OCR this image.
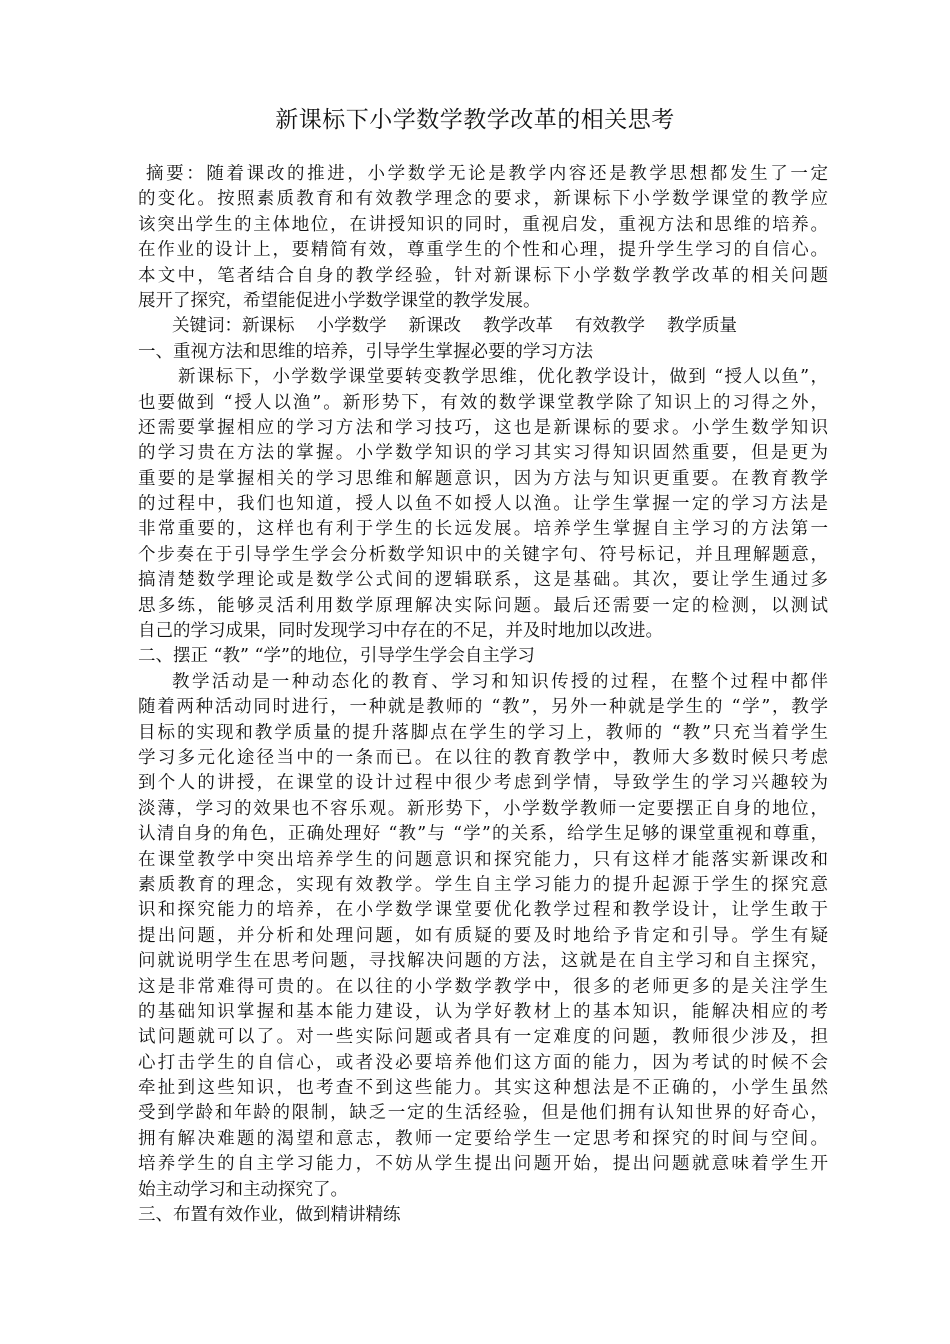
新课标下小学数学教学改革的相关思考
摘要：随着课改的推进，小学数学无论是教学内容还是教学思想都发生了一定
的变化。按照素质教育和有效教学理念的要求，新课标下小学数学课堂的教学应
该突出学生的主体地位，在讲授知识的同时，重视启发，重视方法和思维的培养。
在作业的设计上，要精简有效，尊重学生的个性和心理，提升学生学习的自信心。
本文中，笔者结合自身的教学经验，针对新课标下小学数学教学改革的相关问题
展开了探究，希望能促进小学数学课堂的教学发展。
关键词：新课标 小学数学 新课改 教学改革 有效教学 教学质量
一、重视方法和思维的培养，引导学生掌握必要的学习方法
新课标下，小学数学课堂要转变教学思维，优化教学设计，做到 “授人以鱼”，
也要做到 “授人以渔”。新形势下，有效的数学课堂教学除了知识上的习得之外，
还需要掌握相应的学习方法和学习技巧，这也是新课标的要求。小学生数学知识
的学习贵在方法的掌握。小学数学知识的学习其实习得知识固然重要，但是更为
重要的是掌握相关的学习思维和解题意识，因为方法与知识更重要。在教育教学
的过程中，我们也知道，授人以鱼不如授人以渔。让学生掌握一定的学习方法是
非常重要的，这样也有利于学生的长远发展。培养学生掌握自主学习的方法第一
个步奏在于引导学生学会分析数学知识中的关键字句、符号标记，并且理解题意，
搞清楚数学理论或是数学公式间的逻辑联系，这是基础。其次，要让学生通过多
思多练，能够灵活利用数学原理解决实际问题。最后还需要一定的检测，以测试
自己的学习成果，同时发现学习中存在的不足，并及时地加以改进。
二、摆正 “教” “学”的地位，引导学生学会自主学习
教学活动是一种动态化的教育、学习和知识传授的过程，在整个过程中都伴
随着两种活动同时进行，一种就是教师的 “教”，另外一种就是学生的 “学”，教学
目标的实现和教学质量的提升落脚点在学生的学习上，教师的 “教”只充当着学生
学习多元化途径当中的一条而已。在以往的教育教学中，教师大多数时候只考虑
到个人的讲授，在课堂的设计过程中很少考虑到学情，导致学生的学习兴趣较为
淡薄，学习的效果也不容乐观。新形势下，小学数学教师一定要摆正自身的地位，
认清自身的角色，正确处理好 “教”与 “学”的关系，给学生足够的课堂重视和尊重，
在课堂教学中突出培养学生的问题意识和探究能力，只有这样才能落实新课改和
素质教育的理念，实现有效教学。学生自主学习能力的提升起源于学生的探究意
识和探究能力的培养，在小学数学课堂要优化教学过程和教学设计，让学生敢于
提出问题，并分析和处理问题，如有质疑的要及时地给予肯定和引导。学生有疑
问就说明学生在思考问题，寻找解决问题的方法，这就是在自主学习和自主探究，
这是非常难得可贵的。在以往的小学数学教学中，很多的老师更多的是关注学生
的基础知识掌握和基本能力建设，认为学好教材上的基本知识，能解决相应的考
试问题就可以了。对一些实际问题或者具有一定难度的问题，教师很少涉及，担
心打击学生的自信心，或者没必要培养他们这方面的能力，因为考试的时候不会
牵扯到这些知识，也考查不到这些能力。其实这种想法是不正确的，小学生虽然
受到学龄和年龄的限制，缺乏一定的生活经验，但是他们拥有认知世界的好奇心，
拥有解决难题的渴望和意志，教师一定要给学生一定思考和探究的时间与空间。
培养学生的自主学习能力，不妨从学生提出问题开始，提出问题就意味着学生开
始主动学习和主动探究了。
三、布置有效作业，做到精讲精练
